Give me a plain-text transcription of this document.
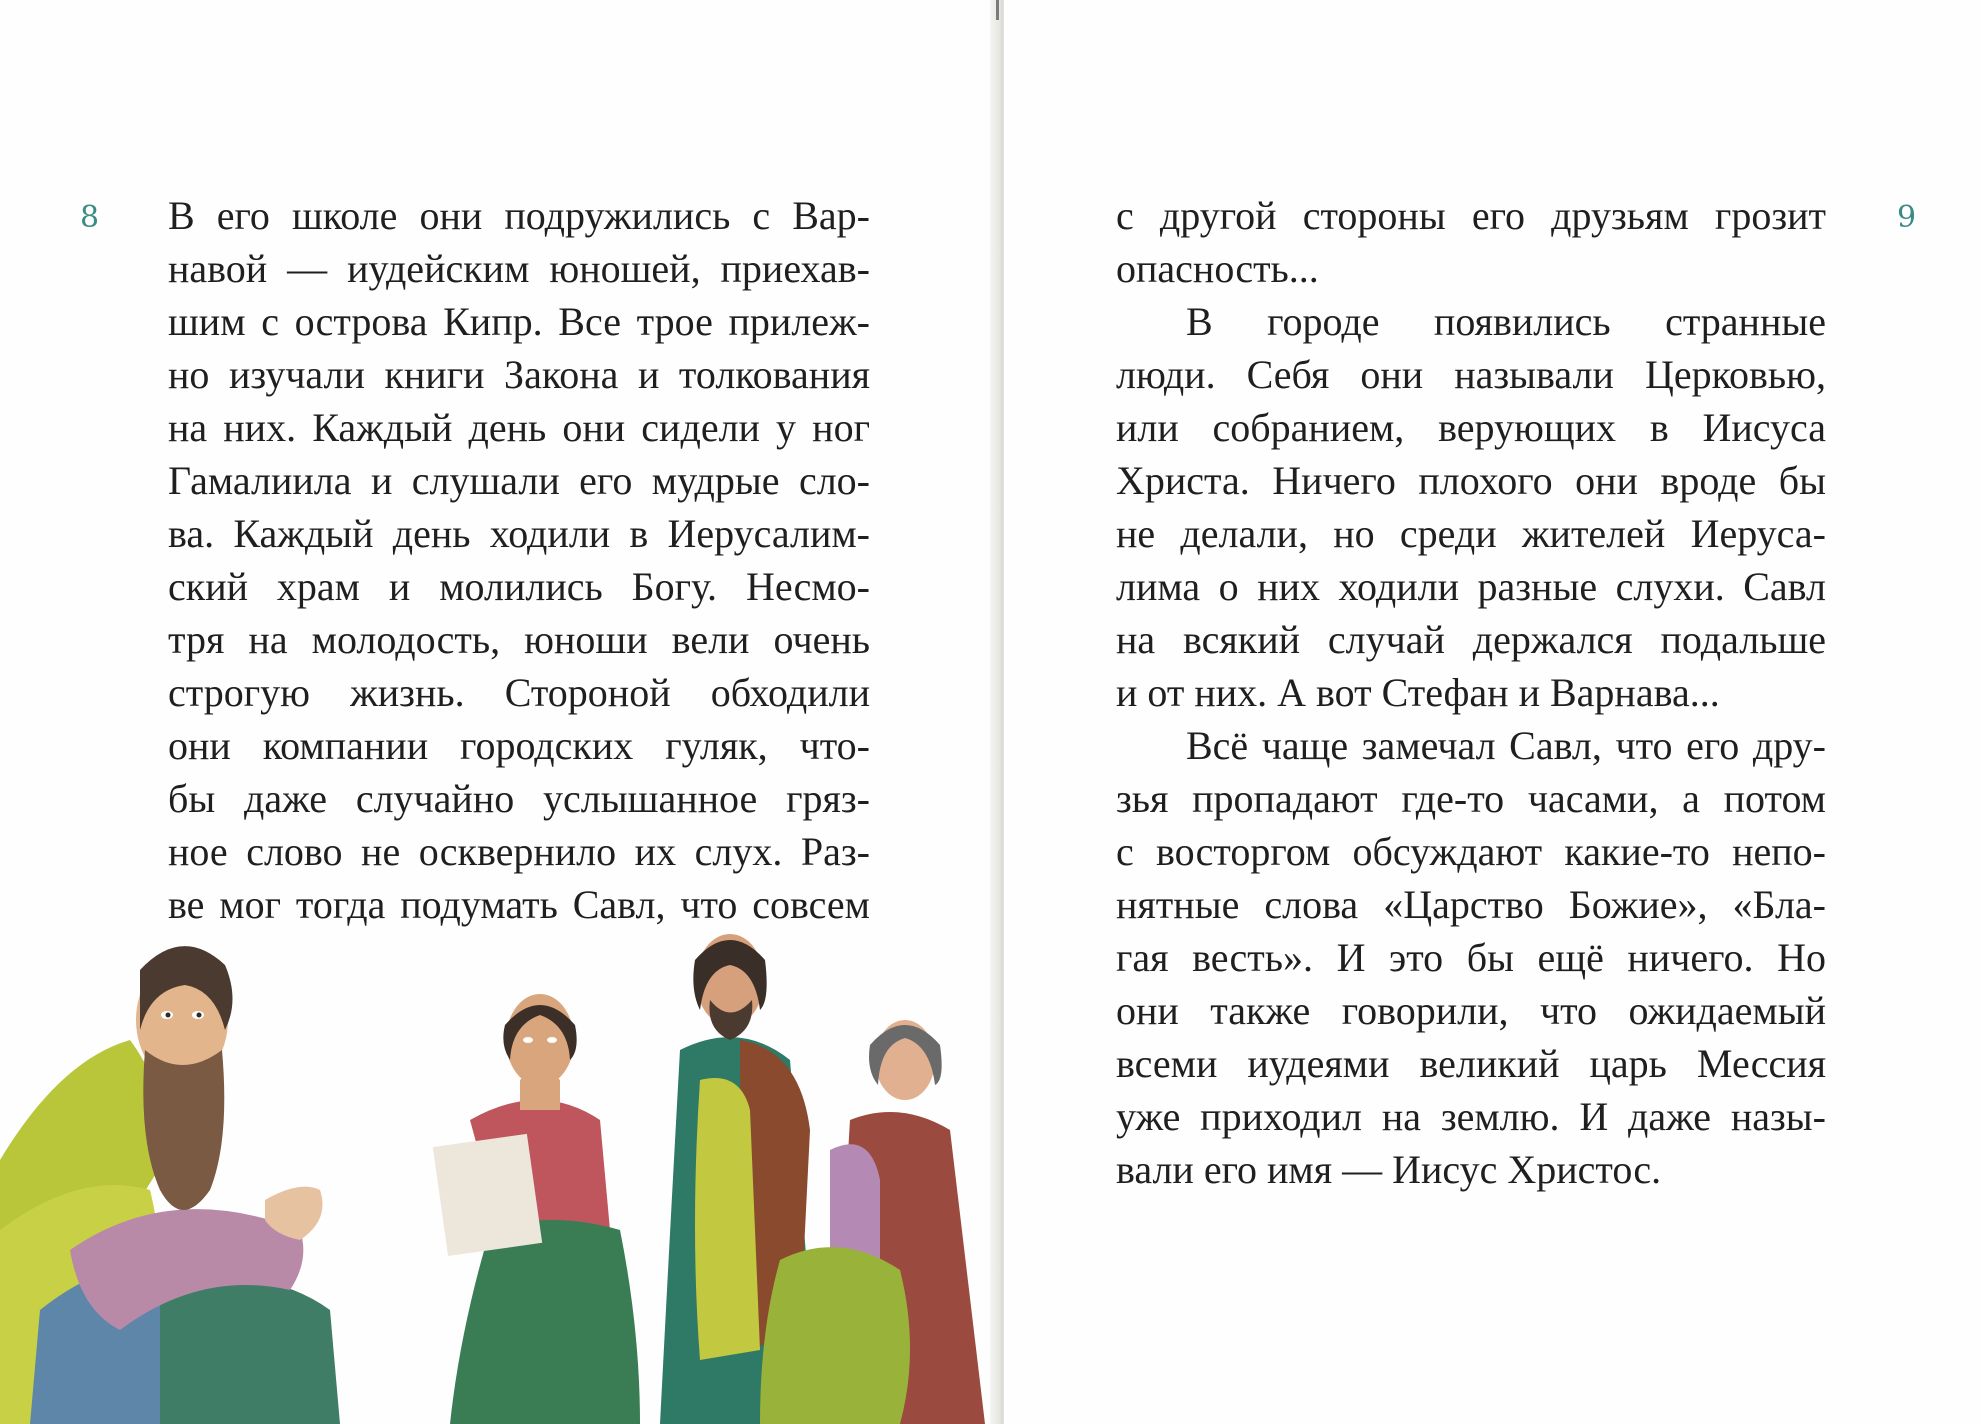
8 В его школе они подружились с Вар-
навой — иудейским юношей, приехав-
шим с острова Кипр. Все трое прилеж-
но изучали книги Закона и толкования
на них. Каждый день они сидели у ног
Гамалиила и слушали его мудрые сло-
ва. Каждый день ходили в Иерусалим-
ский храм и молились Богу. Несмо-
тря на молодость, юноши вели очень
строгую жизнь. Стороной обходили
они компании городских гуляк, что-
бы даже случайно услышанное гряз-
ное слово не осквернило их слух. Раз-
ве мог тогда подумать Савл, что совсем
9
с другой стороны его друзьям грозит
опасность...
В городе появились странные
люди. Себя они называли Церковью,
или собранием, верующих в Иисуса
Христа. Ничего плохого они вроде бы
не делали, но среди жителей Иеруса-
лима о них ходили разные слухи. Савл
на всякий случай держался подальше
и от них. А вот Стефан и Варнава...
Всё чаще замечал Савл, что его дру-
зья пропадают где-то часами, а потом
с восторгом обсуждают какие-то непо-
нятные слова «Царство Божие», «Бла-
гая весть». И это бы ещё ничего. Но
они также говорили, что ожидаемый
всеми иудеями великий царь Мессия
уже приходил на землю. И даже назы-
вали его имя — Иисус Христос.
